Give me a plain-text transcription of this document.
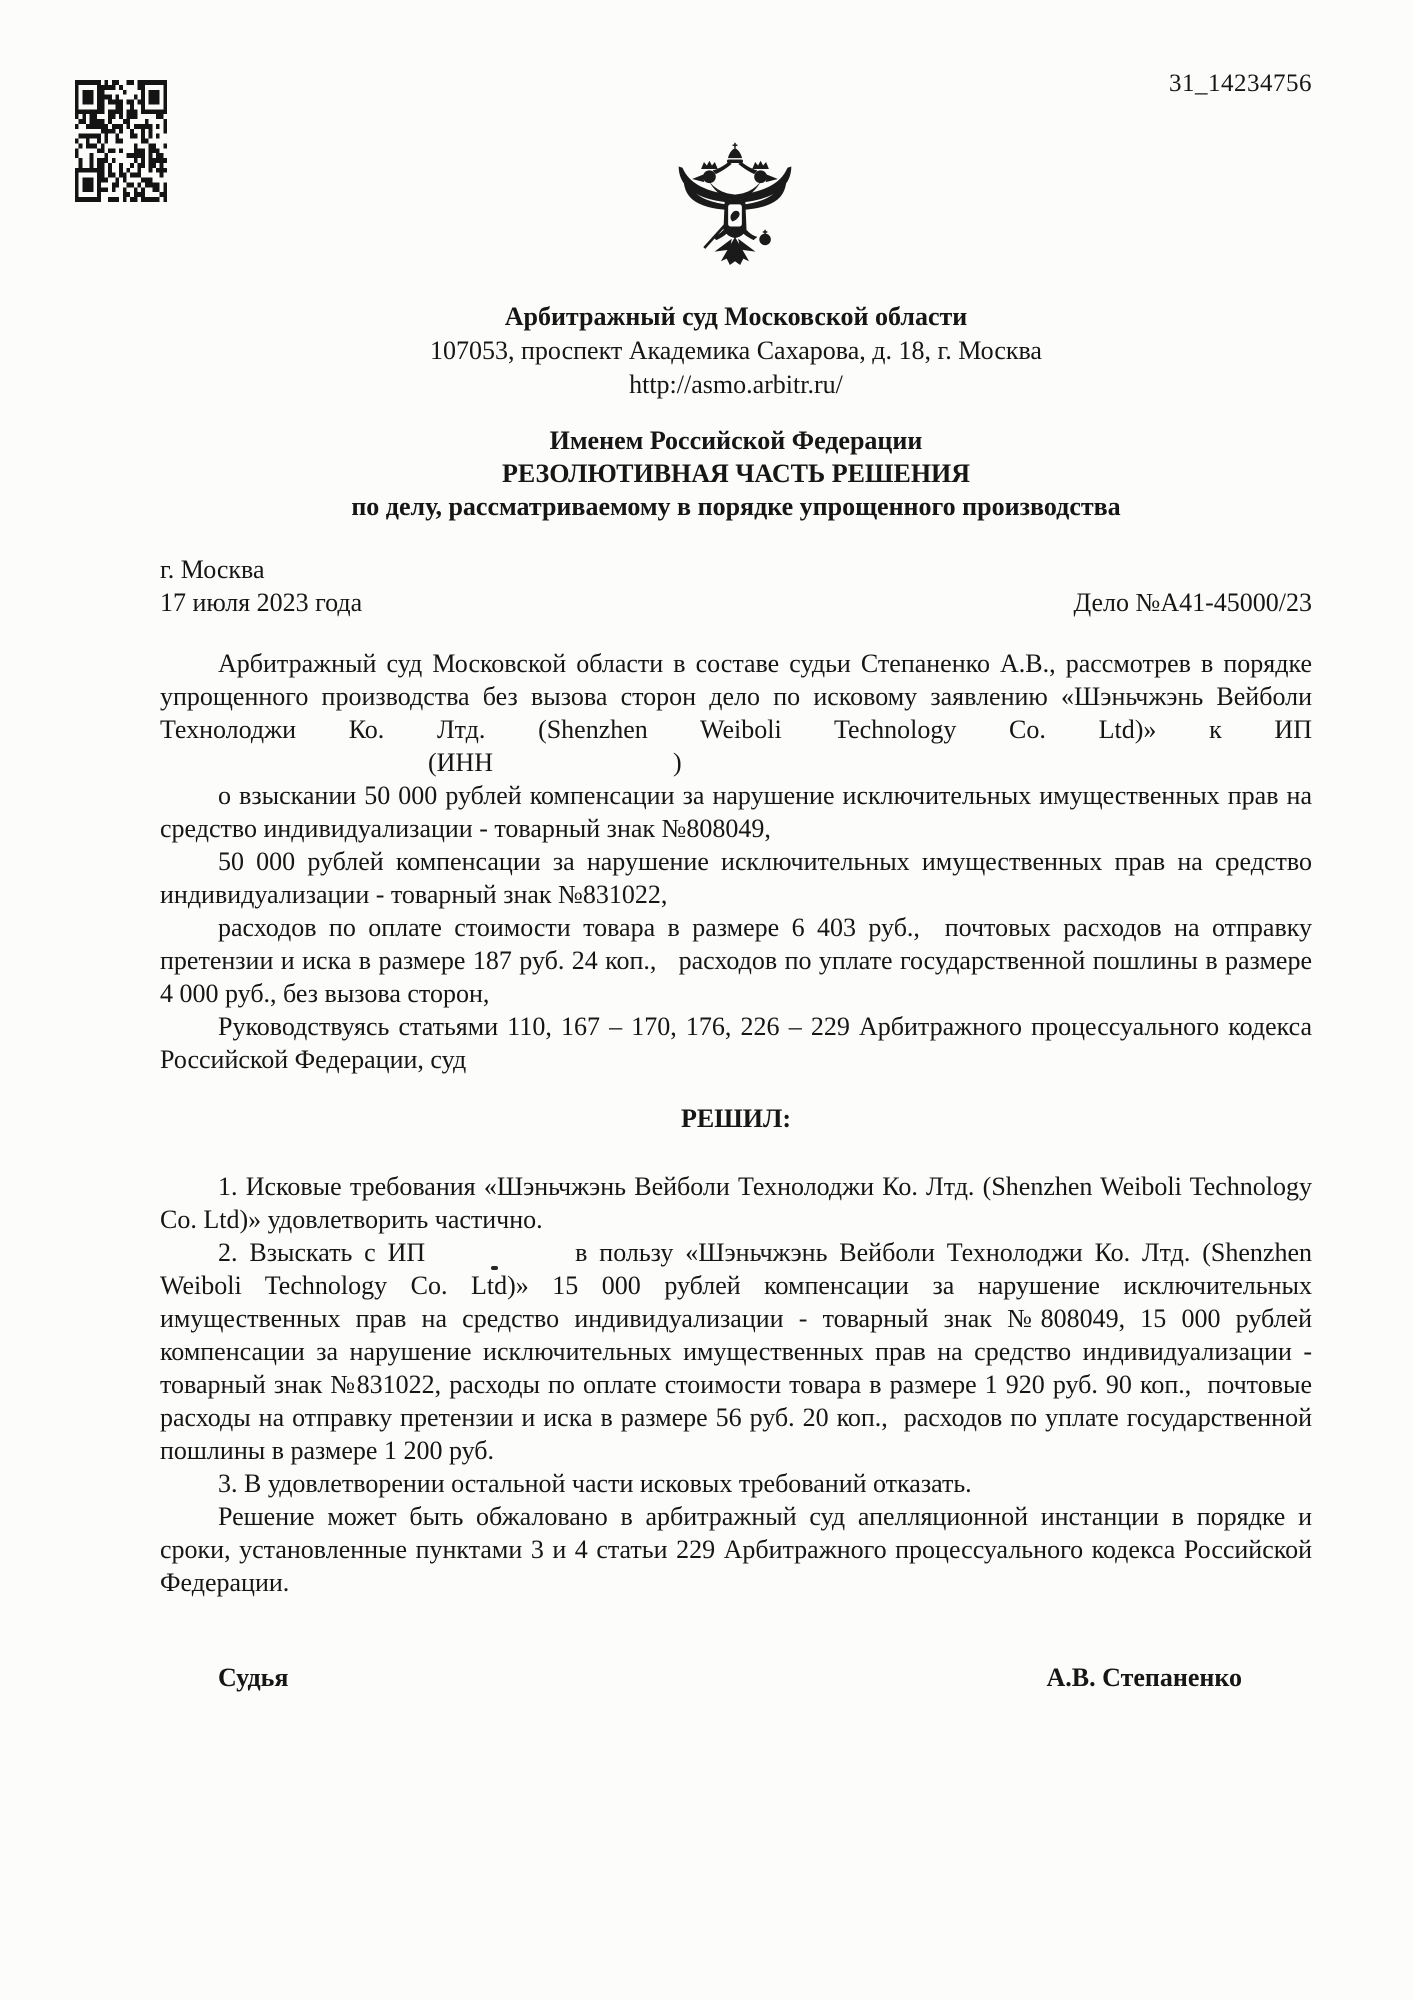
31_14234756
Арбитражный суд Московской области
107053, проспект Академика Сахарова, д. 18, г. Москва
http://asmo.arbitr.ru/
Именем Российской Федерации
РЕЗОЛЮТИВНАЯ ЧАСТЬ РЕШЕНИЯ
по делу, рассматриваемому в порядке упрощенного производства
г. Москва
17 июля 2023 года	Дело №А41-45000/23

Арбитражный суд Московской области в составе судьи Степаненко А.В., рассмотрев в порядке упрощенного производства без вызова сторон дело по исковому заявлению «Шэньчжэнь Вейболи Технолоджи Ко. Лтд. (Shenzhen Weiboli Technology Co. Ltd)» к ИП

(ИНН	)

о взыскании 50 000 рублей компенсации за нарушение исключительных имущественных прав на средство индивидуализации - товарный знак №808049,

50 000 рублей компенсации за нарушение исключительных имущественных прав на средство индивидуализации - товарный знак №831022,

расходов по оплате стоимости товара в размере 6 403 руб.,  почтовых расходов на отправку претензии и иска в размере 187 руб. 24 коп.,   расходов по уплате государственной пошлины в размере 4 000 руб., без вызова сторон,

Руководствуясь статьями 110, 167 – 170, 176, 226 – 229 Арбитражного процессуального кодекса Российской Федерации, суд

РЕШИЛ:

1. Исковые требования «Шэньчжэнь Вейболи Технолоджи Ко. Лтд. (Shenzhen Weiboli Technology Co. Ltd)» удовлетворить частично.

2. Взыскать с ИП	в пользу «Шэньчжэнь Вейболи Технолоджи Ко. Лтд. (Shenzhen Weiboli Technology Co. Ltd)» 15 000 рублей компенсации за нарушение исключительных имущественных прав на средство индивидуализации - товарный знак №808049, 15 000 рублей компенсации за нарушение исключительных имущественных прав на средство индивидуализации - товарный знак №831022, расходы по оплате стоимости товара в размере 1 920 руб. 90 коп.,  почтовые расходы на отправку претензии и иска в размере 56 руб. 20 коп.,  расходов по уплате государственной пошлины в размере 1 200 руб.

3. В удовлетворении остальной части исковых требований отказать.

Решение может быть обжаловано в арбитражный суд апелляционной инстанции в порядке и сроки, установленные пунктами 3 и 4 статьи 229 Арбитражного процессуального кодекса Российской Федерации.

Судья	А.В. Степаненко
